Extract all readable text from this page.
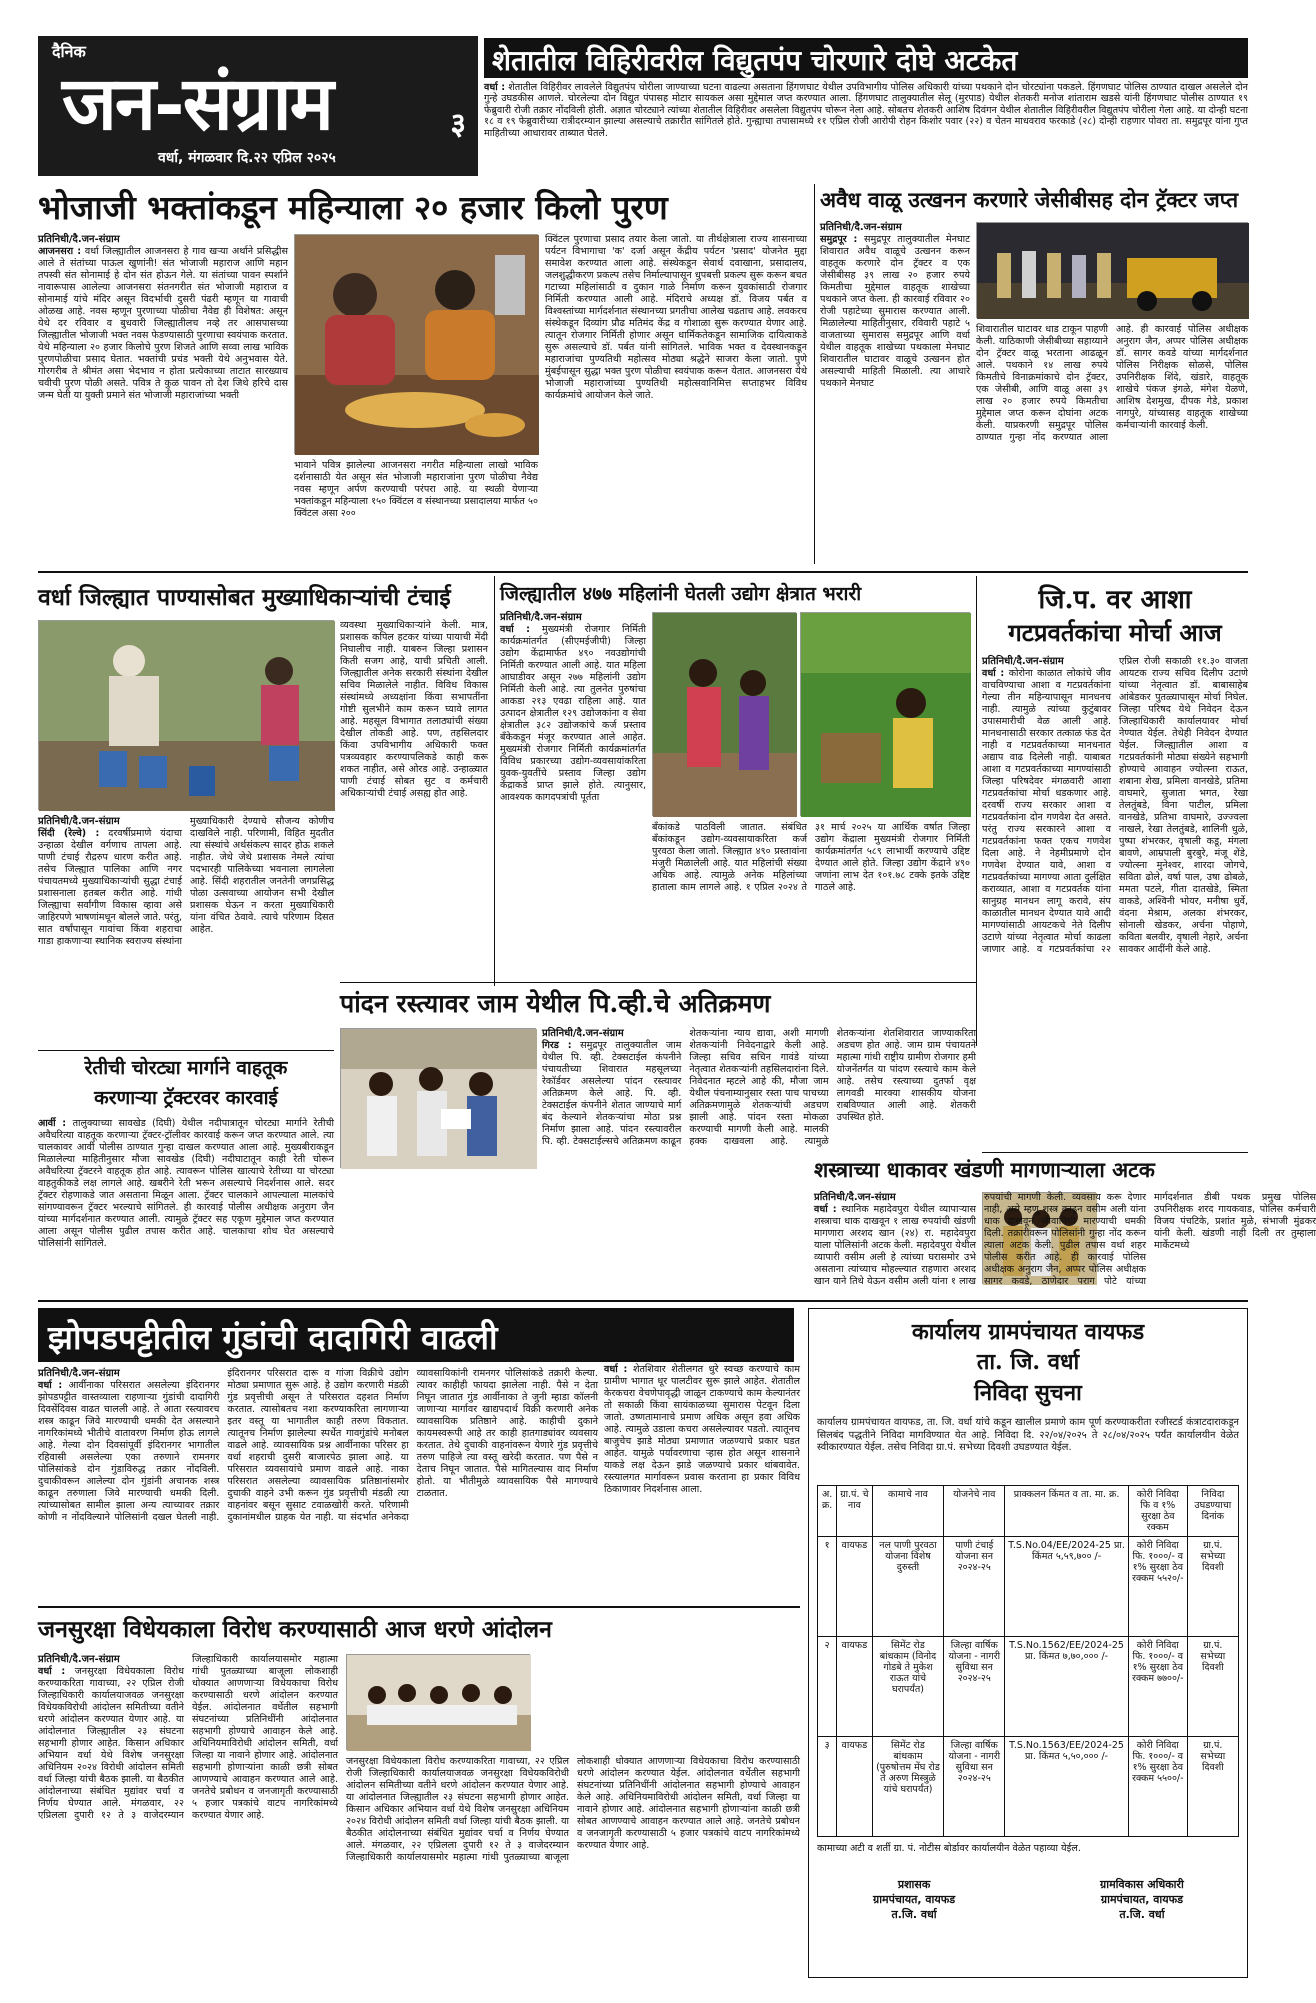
दैनिक
जन-संग्राम
वर्धा, मंगळवार दि.२२ एप्रिल २०२५
३
शेतातील विहिरीवरील विद्युतपंप चोरणारे दोघे अटकेत
वर्धा : शेतातील विहिरीवर लावलेले विद्युतपंप चोरीला जाण्याच्या घटना वाढल्या असताना हिंगणघाट येथील उपविभागीय पोलिस अधिकारी यांच्या पथकाने दोन चोरट्यांना पकडले. हिंगणघाट पोलिस ठाण्यात दाखल असलेले दोन गुन्हे उघडकीस आणले. चोरलेल्या दोन विद्युत पंपासह मोटार सायकल असा मुद्देमाल जप्त करण्यात आला. हिंगणघाट तालुक्यातील सेलू (मुरपाड) येथील शेतकरी मनोज शांताराम खडसे यांनी हिंगणघाट पोलीस ठाण्यात १९ फेब्रुवारी रोजी तक्रार नोंदविली होती. अज्ञात चोरट्याने त्यांच्या शेतातील विहिरीवर असलेला विद्युतपंप चोरून नेला आहे. सोबतच शेतकरी आशिष दिवंगन येथील शेतातील विहिरीवरील विद्युतपंप चोरीला गेला आहे. या दोन्ही घटना १८ व १९ फेब्रुवारीच्या रात्रीदरम्यान झाल्या असल्याचे तक्रारीत सांगितले होते. गुन्ह्याचा तपासामध्ये ११ एप्रिल रोजी आरोपी रोहन किशोर पवार (२२) व चेतन माधवराव फरकाडे (२८) दोन्ही राहणार पोवरा ता. समुद्रपूर यांना गुप्त माहितीच्या आधारावर ताब्यात घेतले.
भोजाजी भक्तांकडून महिन्याला २० हजार किलो पुरण
प्रतिनिधी/दै.जन-संग्राम
आजनसरा : वर्धा जिल्ह्यातील आजनसरा हे गाव खऱ्या अर्थाने प्रसिद्धीस आले ते संतांच्या पाऊल खुणांनी! संत भोजाजी महाराज आणि महान तपस्वी संत सोनामाई हे दोन संत होऊन गेले. या संतांच्या पावन स्पर्शाने नावारूपास आलेल्या आजनसरा संतनगरीत संत भोजाजी महाराज व सोनामाई यांचे मंदिर असून विदर्भाची दुसरी पंढरी म्हणून या गावाची ओळख आहे. नवस म्हणून पुरणाच्या पोळीचा नैवेद्य ही विशेषत: असून येथे दर रविवार व बुधवारी जिल्ह्यातीलच नव्हे तर आसपासच्या जिल्ह्यातील भोजाजी भक्त नवस फेडण्यासाठी पुरणाचा स्वयंपाक करतात. येथे महिन्याला २० हजार किलोचे पुरण शिजते आणि सव्वा लाख भाविक पुरणपोळीचा प्रसाद घेतात. भक्तांची प्रचंड भक्ती येथे अनुभवास येते. गोरगरीब ते श्रीमंत असा भेदभाव न होता प्रत्येकाच्या ताटात सारख्याच चवीची पुरण पोळी असते. पवित्र ते कुळ पावन तो देश जिथे हरिचे दास जन्म घेती या युक्ती प्रमाने संत भोजाजी महाराजांच्या भक्ती
भावाने पवित्र झालेल्या आजनसरा नगरीत महिन्याला लाखो भाविक दर्शनासाठी येत असून संत भोजाजी महाराजांना पुरण पोळीचा नैवेद्य नवस म्हणून अर्पण करण्याची परंपरा आहे. या स्थळी येणाऱ्या भक्तांकडून महिन्याला १५० क्विंटल व संस्थानच्या प्रसादालया मार्फत ५० क्विंटल असा २००
क्विंटल पुरणाचा प्रसाद तयार केला जातो. या तीर्थक्षेत्राला राज्य शासनाच्या पर्यटन विभागाचा 'क' दर्जा असून केंद्रीय पर्यटन 'प्रसाद' योजनेत मुद्दा समावेश करण्यात आला आहे. संस्थेकडून सेवार्थ दवाखाना, प्रसादालय, जलशुद्धीकरण प्रकल्प तसेच निर्माल्यापासून धुपबत्ती प्रकल्प सुरू करून बचत गटाच्या महिलांसाठी व दुकान गाळे निर्माण करून युवकांसाठी रोजगार निर्मिती करण्यात आली आहे. मंदिराचे अध्यक्ष डॉ. विजय पर्बत व विश्वस्तांच्या मार्गदर्शनात संस्थानच्या प्रगतीचा आलेख चढताच आहे. लवकरच संस्थेकडून दिव्यांग प्रौढ मतिमंद केंद्र व गोशाळा सुरू करण्यात येणार आहे. त्यातून रोजगार निर्मिती होणार असून धार्मिकतेकडून सामाजिक दायित्वाकडे सुरू असल्याचे डॉ. पर्बत यांनी सांगितले. भाविक भक्त व देवस्थानकडून महाराजांचा पुण्यतिथी महोत्सव मोठ्या श्रद्धेने साजरा केला जातो. पुणे मुंबईपासून सुद्धा भक्त पुरण पोळीचा स्वयंपाक करून येतात. आजनसरा येथे भोजाजी महाराजांच्या पुण्यतिथी महोत्सवानिमित्त सप्ताहभर विविध कार्यक्रमांचे आयोजन केले जाते.
अवैध वाळू उत्खनन करणारे जेसीबीसह दोन ट्रॅक्टर जप्त
प्रतिनिधी/दै.जन-संग्राम
समुद्रपूर : समुद्रपूर तालुक्यातील मेनघाट शिवारात अवैध वाळूचे उत्खनन करून वाहतूक करणारे दोन ट्रॅक्टर व एक जेसीबीसह ३९ लाख २० हजार रुपये किमतीचा मुद्देमाल वाहतूक शाखेच्या पथकाने जप्त केला. ही कारवाई रविवार २० रोजी पहाटेच्या सुमारास करण्यात आली. मिळालेल्या माहितीनुसार, रविवारी पहाटे ५ वाजताच्या सुमारास समुद्रपूर आणि वर्धा येथील वाहतूक शाखेच्या पथकाला मेनघाट शिवारातील घाटावर वाळूचे उत्खनन होत असल्याची माहिती मिळाली. त्या आधारे पथकाने मेनघाट
शिवारातील घाटावर धाड टाकून पाहणी केली. याठिकाणी जेसीबीच्या सहाय्याने दोन ट्रॅक्टर वाळू भरताना आढळून आले. पथकाने १४ लाख रुपये किमतीचे विनाक्रमांकाचे दोन ट्रॅक्टर, एक जेसीबी, आणि वाळू असा ३९ लाख २० हजार रुपये किमतीचा मुद्देमाल जप्त करून दोघांना अटक केली. याप्रकरणी समुद्रपूर पोलिस ठाण्यात गुन्हा नोंद करण्यात आला आहे. ही कारवाई पोलिस अधीक्षक अनुराग जैन, अप्पर पोलिस अधीक्षक डॉ. सागर कवडे यांच्या मार्गदर्शनात पोलिस निरीक्षक सोळसे, पोलिस उपनिरीक्षक शिंदे, खंडारे, वाहतूक शाखेचे पंकज इंगळे, मंगेश येळणे, आशिष देशमुख, दीपक गेडे, प्रकाश नागपुरे, यांच्यासह वाहतूक शाखेच्या कर्मचाऱ्यांनी कारवाई केली.
वर्धा जिल्ह्यात पाण्यासोबत मुख्याधिकाऱ्यांची टंचाई
प्रतिनिधी/दै.जन-संग्राम
सिंदी (रेल्वे) : दरवर्षीप्रमाणे यंदाचा उन्हाळा देखील वर्गणाच तापला आहे. पाणी टंचाई रौद्ररुप धारण करीत आहे. तसेच जिल्ह्यात पालिका आणि नगर पंचायतमध्ये मुख्याधिकाऱ्यांची सुद्धा टंचाई प्रशासनाला हतबल करीत आहे. गांधी जिल्ह्याचा सर्वांगीण विकास व्हावा असे जाहिरपणे भाषणांमधून बोलले जाते. परंतु, सात वर्षांपासून गावांचा किंवा शहराचा गाडा हाकणाऱ्या स्थानिक स्वराज्य संस्थांना मुख्याधिकारी देण्याचे सौजन्य कोणीच दाखविले नाही. परिणामी, विहित मुदतीत त्या संस्थांचे अर्थसंकल्प सादर होऊ शकले नाहीत. जेथे जेथे प्रशासक नेमले त्यांचा पदभारही पालिकेच्या भवनाला लागलेला आहे. सिंदी शहरातील जनतेनी जगप्रसिद्ध पोळा उत्सवाच्या आयोजन सभी देखील प्रशासक घेऊन न करता मुख्याधिकारी यांना वंचित ठेवावे. त्याचे परिणाम दिसत आहेत.
व्यवस्था मुख्याधिकाऱ्यांने केली. मात्र, प्रशासक कपिल हटकर यांच्या पायाची मेंदी निघालीच नाही. याबरुन जिल्हा प्रशासन किती सजग आहे, याची प्रचिती आली. जिल्ह्यातील अनेक सरकारी संस्थांना देखील सचिव मिळालेले नाहीत. विविध विकास संस्थांमध्ये अध्यक्षांना किंवा सभापतींना गोष्टी सुलभीने काम करून घ्यावे लागत आहे. महसूल विभागात तलाठ्यांची संख्या देखील तोकडी आहे. पण, तहसिलदार किंवा उपविभागीय अधिकारी फक्त पत्रव्यवहार करण्यापलिकडे काही करू शकत नाहीत, असे ओरड आहे. उन्हाळ्यात पाणी टंचाई सोबत सुट व कर्मचारी अधिकाऱ्यांची टंचाई असह्य होत आहे.
जिल्ह्यातील ४७७ महिलांनी घेतली उद्योग क्षेत्रात भरारी
प्रतिनिधी/दै.जन-संग्राम
वर्धा : मुख्यमंत्री रोजगार निर्मिती कार्यक्रमांतर्गत (सीएमईजीपी) जिल्हा उद्योग केंद्रामार्फत ४९० नवउद्योगांची निर्मिती करण्यात आली आहे. यात महिला आघाडीवर असून २७७ महिलांनी उद्योग निर्मिती केली आहे. त्या तुलनेत पुरुषांचा आकडा २१३ एवढा राहिला आहे. यात उत्पादन क्षेत्रातील १२९ उद्योजकांना व सेवा क्षेत्रातील ३८२ उद्योजकांचे कर्ज प्रस्ताव बॅंकेकडून मंजूर करण्यात आले आहेत. मुख्यमंत्री रोजगार निर्मिती कार्यक्रमांतर्गत विविध प्रकारच्या उद्योग-व्यवसायांकरिता युवक-युवतींचे प्रस्ताव जिल्हा उद्योग केंद्राकडे प्राप्त झाले होते. त्यानुसार, आवश्यक कागदपत्रांची पूर्तता
बॅंकांकडे पाठविली जातात. संबंधित बॅंकांकडून उद्योग-व्यवसायाकरिता कर्ज पुरवठा केला जातो. जिल्ह्यात ४९० प्रस्तावांना मंजुरी मिळालेली आहे. यात महिलांची संख्या अधिक आहे. त्यामुळे अनेक महिलांच्या हाताला काम लागले आहे. १ एप्रिल २०२४ ते ३१ मार्च २०२५ या आर्थिक वर्षात जिल्हा उद्योग केंद्राला मुख्यमंत्री रोजगार निर्मिती कार्यक्रमांतर्गत ५८९ लाभार्थी करण्याचे उद्दिष्ट देण्यात आले होते. जिल्हा उद्योग केंद्राने ४९० जणांना लाभ देत १०१.७८ टक्के इतके उद्दिष्ट गाठले आहे.
जि.प. वर आशा
गटप्रवर्तकांचा मोर्चा आज
प्रतिनिधी/दै.जन-संग्राम
वर्धा : कोरोना काळात लोकांचे जीव वाचविण्याचा आशा व गटप्रवर्तकांना गेल्या तीन महिन्यापासून मानधनच नाही. त्यामुळे त्यांच्या कुटुंबावर उपासमारीची वेळ आली आहे. मानधनासाठी सरकार तत्काळ फंड देत नाही व गटप्रवर्तकाच्या मानधनात अद्याप वाढ दिलेली नाही. याबाबत आशा व गटप्रवर्तकाच्या मागण्यांसाठी जिल्हा परिषदेवर मंगळवारी आशा गटप्रवर्तकांचा मोर्चा धडकणार आहे. दरवर्षी राज्य सरकार आशा व गटप्रवर्तकांना दोन गणवेश देत असते. परंतु राज्य सरकारने आशा व गटप्रवर्तकांना फक्त एकच गणवेश दिला आहे. ने नेहमीप्रमाणे दोन गणवेश देण्यात यावे, आशा व गटप्रवर्तकांच्या मागण्या आता दुर्लक्षित कराव्यात, आशा व गटप्रवर्तक यांना सानुग्रह मानधन लागू करावे, संप काळातील मानधन देण्यात यावे आदी मागण्यांसाठी आयटकचे नेते दिलीप उटाणे यांच्या नेतृत्वात मोर्चा काढला जाणार आहे. व गटप्रवर्तकांचा २२ एप्रिल रोजी सकाळी ११.३० वाजता आयटक राज्य सचिव दिलीप उटाणे यांच्या नेतृत्वात डॉ. बाबासाहेब आंबेडकर पुतळ्यापासून मोर्चा निघेल. जिल्हा परिषद येथे निवेदन देऊन जिल्हाधिकारी कार्यालयावर मोर्चा नेण्यात येईल. तेथेही निवेदन देण्यात येईल. जिल्ह्यातील आशा व गटप्रवर्तकांनी मोठ्या संख्येने सहभागी होण्याचे आवाहन ज्योत्स्ना राऊत, शबाना शेख, प्रमिला वानखेडे, प्रतिमा वाघमारे, सुजाता भगत, रेखा तेलतुंबडे, विना पाटील, प्रमिला वानखेडे, प्रतिभा वाघमारे, उज्ज्वला नाखले, रेखा तेलतुंबडे, शालिनी धुळे, पुष्पा शंभरकर, वृषाली कडू, मंगला बावणे, आम्रपाली बुरबुरे, मंजू शेंडे, ज्योत्स्ना मुनेश्वर, शारदा जोगचे, सविता ढोले, वर्षा पाल, उषा ढोबळे, ममता पटले, गीता दातखेडे, स्मिता वाकडे, अश्विनी भोयर, मनीषा धुर्वे, वंदना मेश्राम, अलका शंभरकर, सोनाली खेडकर, अर्चना पोहाणे, कविता बलवीर, वृषाली नेहारे, अर्चना सावकर आदींनी केले आहे.
रेतीची चोरट्या मार्गाने वाहतूक
करणाऱ्या ट्रॅक्टरवर कारवाई
आर्वी : तालुक्याच्या सावखेड (दिघी) येथील नदीपात्रातून चोरट्या मार्गाने रेतीची अवैधरित्या वाहतूक करणाऱ्या ट्रॅक्टर-ट्रॉलीवर कारवाई करून जप्त करण्यात आले. त्या चालकावर आर्वी पोलीस ठाण्यात गुन्हा दाखल करण्यात आला आहे. मुख्यबीराकडून मिळालेल्या माहितीनुसार मौजा सावखेड (दिघी) नदीघाटातून काही रेती चोरून अवैधरित्या ट्रॅक्टरने वाहतूक होत आहे. त्यावरून पोलिस खात्याचे रेतीच्या या चोरट्या वाहतुकीकडे लक्ष लागले आहे. खबरीने रेती भरून असल्याचे निदर्शनास आले. सदर ट्रॅक्टर रोहणाकडे जात असताना मिळून आला. ट्रॅक्टर चालकाने आपल्याला मालकांचे सांगण्यावरून ट्रॅक्टर भरल्याचे सांगितले. ही कारवाई पोलीस अधीक्षक अनुराग जैन यांच्या मार्गदर्शनात करण्यात आली. त्यामुळे ट्रॅक्टर सह एकूण मुद्देमाल जप्त करण्यात आला असून पोलीस पुढील तपास करीत आहे. चालकाचा शोध घेत असल्याचे पोलिसांनी सांगितले.
पांदन रस्त्यावर जाम येथील पि.व्ही.चे अतिक्रमण
प्रतिनिधी/दै.जन-संग्राम
गिरड : समुद्रपूर तालुक्यातील जाम येथील पि. व्ही. टेक्सटाईल कंपनीने पंचायतीच्या शिवारात महसूलच्या रेकॉर्डवर असलेल्या पांदन रस्त्यावर अतिक्रमण केले आहे. पि. व्ही. टेक्सटाईल कंपनीने शेतात जाण्याचे मार्ग बंद केल्याने शेतकऱ्यांचा मोठा प्रश्न निर्माण झाला आहे. पांदन रस्त्यावरील पि. व्ही. टेक्सटाईल्सचे अतिक्रमण काढून शेतकऱ्यांना न्याय द्यावा, अशी मागणी शेतकऱ्यांनी निवेदनाद्वारे केली आहे. जिल्हा सचिव सचिन गावंडे यांच्या नेतृत्वात शेतकऱ्यांनी तहसिलदारांना दिले. निवेदनात म्हटले आहे की, मौजा जाम येथील पंचनाम्यानुसार रस्ता पाच पाचच्या अतिक्रमणामुळे शेतकऱ्यांची अडचण झाली आहे. पांदन रस्ता मोकळा करण्याची मागणी केली आहे. मालकी हक्क दाखवला आहे. त्यामुळे शेतकऱ्यांना शेतशिवारात जाण्याकरिता अडचण होत आहे. जाम ग्राम पंचायतने महात्मा गांधी राष्ट्रीय ग्रामीण रोजगार हमी योजनेंतर्गत या पांदण रस्त्याचे काम केले आहे. तसेच रस्त्याच्या दुतर्फा वृक्ष लागवडी मारक्या शासकीय योजना राबविण्यात आली आहे. शेतकरी उपस्थित होते.
शस्त्राच्या धाकावर खंडणी मागणाऱ्याला अटक
प्रतिनिधी/दै.जन-संग्राम
वर्धा : स्थानिक महादेवपुरा येथील व्यापाऱ्यास शस्त्राचा धाक दाखवून १ लाख रुपयांची खंडणी मागणारा अरशद खान (२४) रा. महादेवपुरा याला पोलिसांनी अटक केली. महादेवपुरा येथील व्यापारी वसीम अली हे त्यांच्या घरासमोर उभे असताना त्यांच्याच मोहल्ल्यात राहणारा अरशद खान याने तिथे येऊन वसीम अली यांना १ लाख रुपयांची मागणी केली. व्यवसाय करू देणार नाही, असे म्हणू शस्त्र काढून वसीम अली यांना धाक दाखवून जीवानिशी मारण्याची धमकी दिली. तक्रारीवरून पोलिसांनी गुन्हा नोंद करून त्याला अटक केली. पुढील तपास वर्धा शहर पोलीस करीत आहे. ही कारवाई पोलिस अधीक्षक अनुराग जैन, अप्पर पोलिस अधीक्षक सागर कवडे, ठाणेदार पराग पोटे यांच्या मार्गदर्शनात डीबी पथक प्रमुख पोलिस उपनिरीक्षक शरद गायकवाड, पोलिस कर्मचारी विजय पंचटिके, प्रशांत मुळे, संभाजी मुंढकर यांनी केली. खंडणी नाही दिली तर तुम्हाला मार्केटमध्ये
झोपडपट्टीतील गुंडांची दादागिरी वाढली
प्रतिनिधी/दै.जन-संग्राम
वर्धा : आर्वीनाका परिसरात असलेल्या इंदिरानगर झोपडपट्टीत वास्तव्याला राहणाऱ्या गुंडांची दादागिरी दिवसेंदिवस वाढत चालली आहे. ते आता रस्त्यावरच शस्त्र काढून जिवे मारण्याची धमकी देत असल्याने नागरिकांमध्ये भीतीचे वातावरण निर्माण होऊ लागले आहे. गेल्या दोन दिवसांपूर्वी इंदिरानगर भागातील रहिवासी असलेल्या एका तरुणाने रामनगर पोलिसांकडे दोन गुंडाविरुद्ध तक्रार नोंदविली. दुचाकीवरून आलेल्या दोन गुंडांनी अचानक शस्त्र काढून तरुणाला जिवे मारण्याची धमकी दिली. त्यांच्यासोबत सामील झाला अन्य त्याच्यावर तक्रार कोणी न नोंदविल्याने पोलिसांनी दखल घेतली नाही. इंदिरानगर परिसरात दारू व गांजा विक्रीचे उद्योग मोठ्या प्रमाणात सुरू आहे. हे उद्योग करणारी मंडळी गुंड प्रवृत्तीची असून ते परिसरात दहशत निर्माण करतात. त्यासोबतच नशा करण्याकरिता लागणाऱ्या इतर वस्तू या भागातील काही तरुण विकतात. त्यातूनच निर्माण झालेल्या स्पर्धेत गावगुंडांचे मनोबल वाढले आहे. व्यावसायिक प्रश्न आर्वीनाका परिसर हा वर्धा शहराची दुसरी बाजारपेठ झाला आहे. या परिसरात व्यवसायांचे प्रमाण वाढले आहे. नाका परिसरात असलेल्या व्यावसायिक प्रतिष्ठानांसमोर दुचाकी वाहने उभी करून गुंड प्रवृत्तीची मंडळी त्या वाहनांवर बसून सुसाट टवाळखोरी करते. परिणामी दुकानांमधील ग्राहक येत नाही. या संदर्भात अनेकदा व्यावसायिकांनी रामनगर पोलिसांकडे तक्रारी केल्या. त्यावर काहीही फायदा झालेला नाही. पैसे न देता निघून जातात गुंड आर्वीनाका ते जुनी म्हाडा कॉलनी जाणाऱ्या मार्गावर खाद्यपदार्थ विक्री करणारी अनेक व्यावसायिक प्रतिष्ठाने आहे. काहीची दुकाने कायमस्वरूपी आहे तर काही हातगाड्यांवर व्यवसाय करतात. तेथे दुचाकी वाहनांवरून येणारे गुंड प्रवृत्तीचे तरुण पाहिजे त्या वस्तू खरेदी करतात. पण पैसे न देताच निघून जातात. पैसे मागितल्यास वाद निर्माण होतो. या भीतीमुळे व्यावसायिक पैसे मागण्याचे टाळतात.
कचऱ्यासोबत
जळत आहेत झाडे
वर्धा : शेतशिवार शेतीलगत धुरे स्वच्छ करण्याचे काम ग्रामीण भागात धूर पालटीवर सुरू झाले आहेत. शेतातील केरकचरा वेचणेपावृद्धी जाळून टाकण्याचे काम केल्यानंतर तो सकाळी किंवा सायंकाळच्या सुमारास पेटवून दिला जातो. उष्णतामानाचे प्रमाण अधिक असून हवा अधिक आहे. त्यामुळे उडाला कचरा असलेल्यावर पडतो. त्यातूनच बाजुचेच झाडे मोठ्या प्रमाणात जळण्याचे प्रकार घडत आहेत. यामुळे पर्यावरणाचा ऱ्हास होत असून शासनाने याकडे लक्ष देऊन झाडे जळण्याचे प्रकार थांबवावेत. रस्त्यालगत मार्गावरून प्रवास करताना हा प्रकार विविध ठिकाणावर निदर्शनास आला.
कार्यालय ग्रामपंचायत वायफड
ता. जि. वर्धा
निविदा सुचना
कार्यालय ग्रामपंचायत वायफड, ता. जि. वर्धा यांचे कडून खालील प्रमाणे काम पूर्ण करण्याकरीता रजीस्टर्ड कंत्राटदाराकडून सिलबंद पद्धतीने निविदा मागविण्यात येत आहे. निविदा दि. २२/०४/२०२५ ते २८/०४/२०२५ पर्यंत कार्यालयीन वेळेत स्वीकारण्यात येईल. तसेच निविदा ग्रा.पं. सभेच्या दिवशी उघडण्यात येईल.
अ. क्र.	ग्रा.पं. चे नाव	कामाचे नाव	योजनेचे नाव	प्राक्कलन किंमत व ता. मा. क्र.	कोरी निविदा फि व १% सुरक्षा ठेव रक्कम	निविदा उघडण्याचा दिनांक
१	वायफड	नल पाणी पुरवठा योजना विशेष दुरुस्ती	पाणी टंचाई योजना सन २०२४-२५	T.S.No.04/EE/2024-25 प्रा. किंमत ५,५९,७०० /-	कोरी निविदा फि. १०००/- व १% सुरक्षा ठेव रक्कम ५५२०/-	ग्रा.पं. सभेच्या दिवशी
२	वायफड	सिमेंट रोड बांधकाम (विनोद गोडबे ते मुकेश राऊत यांचे घरापर्यंत)	जिल्हा वार्षिक योजना - नागरी सुविधा सन २०२४-२५	T.S.No.1562/EE/2024-25 प्रा. किंमत ७,७०,००० /-	कोरी निविदा फि. १०००/- व १% सुरक्षा ठेव रक्कम ७७००/-	ग्रा.पं. सभेच्या दिवशी
३	वायफड	सिमेंट रोड बांधकाम (पुरुषोत्तम मेंघ रोड ते अरुण मिस्त्रुळे यांचे घरापर्यंत)	जिल्हा वार्षिक योजना - नागरी सुविधा सन २०२४-२५	T.S.No.1563/EE/2024-25 प्रा. किंमत ५,५०,००० /-	कोरी निविदा फि. १०००/- व १% सुरक्षा ठेव रक्कम ५५००/-	ग्रा.पं. सभेच्या दिवशी
कामाच्या अटी व शर्ती ग्रा. पं. नोटीस बोर्डावर कार्यालयीन वेळेत पहाव्या येईल.
प्रशासक
ग्रामपंचायत, वायफड
त.जि. वर्धा
ग्रामविकास अधिकारी
ग्रामपंचायत, वायफड
त.जि. वर्धा
जनसुरक्षा विधेयकाला विरोध करण्यासाठी आज धरणे आंदोलन
प्रतिनिधी/दै.जन-संग्राम
वर्धा : जनसुरक्षा विधेयकाला विरोध करण्याकरिता गावाच्या, २२ एप्रिल रोजी जिल्हाधिकारी कार्यालयाजवळ जनसुरक्षा विधेयकविरोधी आंदोलन समितीच्या वतीने धरणे आंदोलन करण्यात येणार आहे. या आंदोलनात जिल्ह्यातील २३ संघटना सहभागी होणार आहेत. किसान अधिकार अभियान वर्धा येथे विशेष जनसुरक्षा अधिनियम २०२४ विरोधी आंदोलन समिती वर्धा जिल्हा यांची बैठक झाली. या बैठकीत आंदोलनाच्या संबंधित मुद्यांवर चर्चा व निर्णय घेण्यात आले. मंगळवार, २२ एप्रिलला दुपारी १२ ते ३ वाजेदरम्यान जिल्हाधिकारी कार्यालयासमोर महात्मा गांधी पुतळ्याच्या बाजूला लोकशाही धोक्यात आणणाऱ्या विधेयकाचा विरोध करण्यासाठी धरणे आंदोलन करण्यात येईल. आंदोलनात वर्धेतील सहभागी संघटनांच्या प्रतिनिधींनी आंदोलनात सहभागी होण्याचे आवाहन केले आहे. अधिनियमाविरोधी आंदोलन समिती, वर्धा जिल्हा या नावाने होणार आहे. आंदोलनात सहभागी होणाऱ्यांना काळी छत्री सोबत आणण्याचे आवाहन करण्यात आले आहे. जनतेचे प्रबोधन व जनजागृती करण्यासाठी ५ हजार पत्रकांचे वाटप नागरिकांमध्ये करण्यात येणार आहे.
जनसुरक्षा विधेयकाला विरोध करण्याकरिता गावाच्या, २२ एप्रिल रोजी जिल्हाधिकारी कार्यालयाजवळ जनसुरक्षा विधेयकविरोधी आंदोलन समितीच्या वतीने धरणे आंदोलन करण्यात येणार आहे. या आंदोलनात जिल्ह्यातील २३ संघटना सहभागी होणार आहेत. किसान अधिकार अभियान वर्धा येथे विशेष जनसुरक्षा अधिनियम २०२४ विरोधी आंदोलन समिती वर्धा जिल्हा यांची बैठक झाली. या बैठकीत आंदोलनाच्या संबंधित मुद्यांवर चर्चा व निर्णय घेण्यात आले. मंगळवार, २२ एप्रिलला दुपारी १२ ते ३ वाजेदरम्यान जिल्हाधिकारी कार्यालयासमोर महात्मा गांधी पुतळ्याच्या बाजूला लोकशाही धोक्यात आणणाऱ्या विधेयकाचा विरोध करण्यासाठी धरणे आंदोलन करण्यात येईल. आंदोलनात वर्धेतील सहभागी संघटनांच्या प्रतिनिधींनी आंदोलनात सहभागी होण्याचे आवाहन केले आहे. अधिनियमाविरोधी आंदोलन समिती, वर्धा जिल्हा या नावाने होणार आहे. आंदोलनात सहभागी होणाऱ्यांना काळी छत्री सोबत आणण्याचे आवाहन करण्यात आले आहे. जनतेचे प्रबोधन व जनजागृती करण्यासाठी ५ हजार पत्रकांचे वाटप नागरिकांमध्ये करण्यात येणार आहे.
